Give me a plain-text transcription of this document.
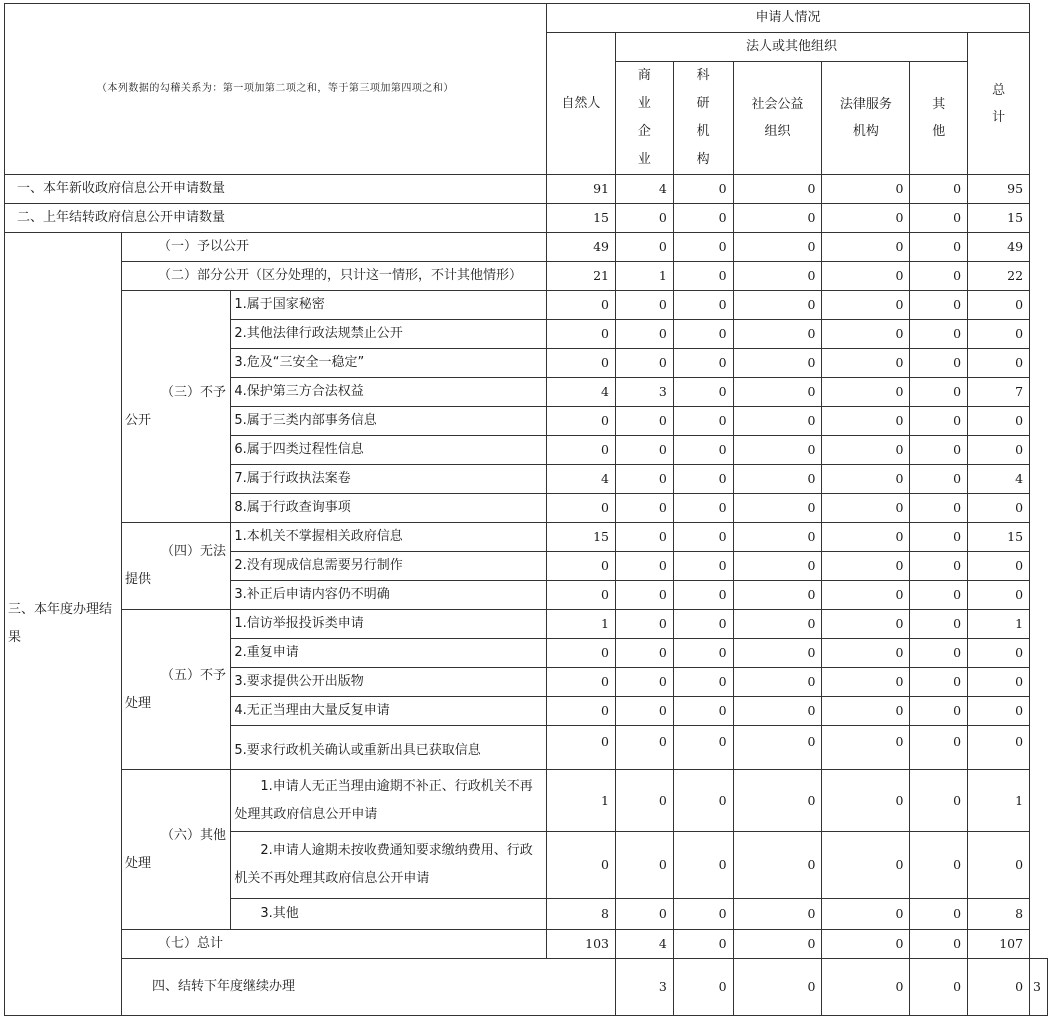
（本列数据的勾稽关系为：第一项加第二项之和，等于第三项加第四项之和）			申请人情况							
			自然人	法人或其他组织					总计	
				商业企业	科研机构	社会公益组织	法律服务机构	其他		
一、本年新收政府信息公开申请数量			91	4	0	0	0	0	95	
二、上年结转政府信息公开申请数量			15	0	0	0	0	0	15	
三、本年度办理结果	（一）予以公开		49	0	0	0	0	0	49	
	（二）部分公开（区分处理的，只计这一情形，不计其他情形）		21	1	0	0	0	0	22	
	（三）不予公开	1.属于国家秘密	0	0	0	0	0	0	0	
		2.其他法律行政法规禁止公开	0	0	0	0	0	0	0	
		3.危及“三安全一稳定”	0	0	0	0	0	0	0	
		4.保护第三方合法权益	4	3	0	0	0	0	7	
		5.属于三类内部事务信息	0	0	0	0	0	0	0	
		6.属于四类过程性信息	0	0	0	0	0	0	0	
		7.属于行政执法案卷	4	0	0	0	0	0	4	
		8.属于行政查询事项	0	0	0	0	0	0	0	
	（四）无法提供	1.本机关不掌握相关政府信息	15	0	0	0	0	0	15	
		2.没有现成信息需要另行制作	0	0	0	0	0	0	0	
		3.补正后申请内容仍不明确	0	0	0	0	0	0	0	
	（五）不予处理	1.信访举报投诉类申请	1	0	0	0	0	0	1	
		2.重复申请	0	0	0	0	0	0	0	
		3.要求提供公开出版物	0	0	0	0	0	0	0	
		4.无正当理由大量反复申请	0	0	0	0	0	0	0	
		5.要求行政机关确认或重新出具已获取信息	0	0	0	0	0	0	0	
	（六）其他处理	1.申请人无正当理由逾期不补正、行政机关不再处理其政府信息公开申请	1	0	0	0	0	0	1	
		2.申请人逾期未按收费通知要求缴纳费用、行政机关不再处理其政府信息公开申请	0	0	0	0	0	0	0	
		3.其他	8	0	0	0	0	0	8	
	（七）总计		103	4	0	0	0	0	107	
	四、结转下年度继续办理			3	0	0	0	0	0	3
